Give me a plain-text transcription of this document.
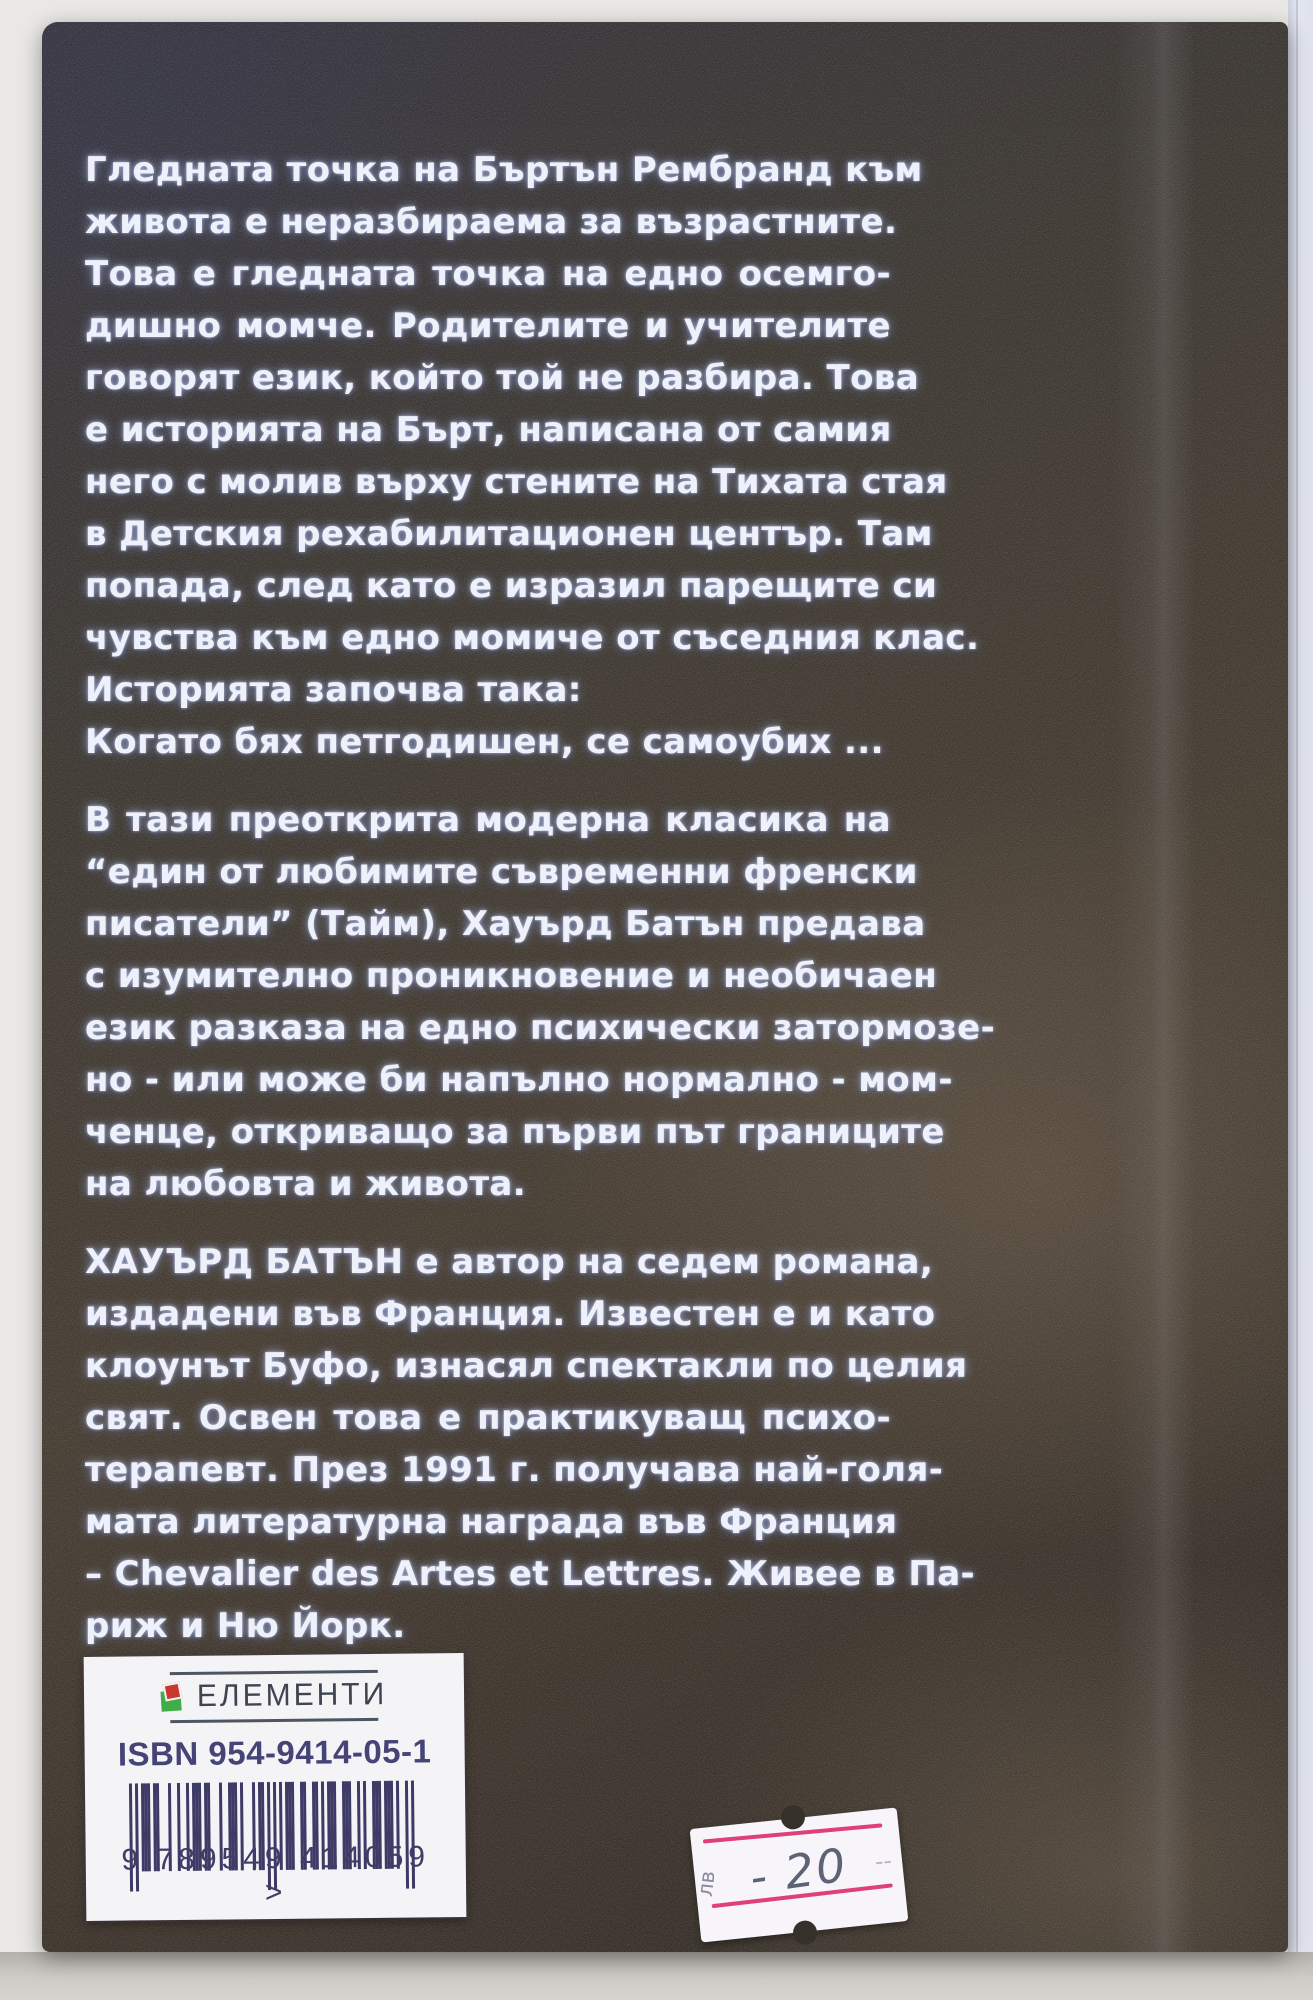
Гледната точка на Бъртън Рембранд към
живота е неразбираема за възрастните.
Това е гледната точка на едно осемго-
дишно момче. Родителите и учителите
говорят език, който той не разбира. Това
е историята на Бърт, написана от самия
него с молив върху стените на Тихата стая
в Детския рехабилитационен център. Там
попада, след като е изразил парещите си
чувства към едно момиче от съседния клас.
Историята започва така:
Когато бях петгодишен, се самоубих ...
В тази преоткрита модерна класика на
“един от любимите съвременни френски
писатели” (Тайм), Хауърд Батън предава
с изумително проникновение и необичаен
език разказа на едно психически затормозе-
но - или може би напълно нормално - мом-
ченце, откриващо за първи път границите
на любовта и живота.
ХАУЪРД БАТЪН е автор на седем романа,
издадени във Франция. Известен е и като
клоунът Буфо, изнасял спектакли по целия
свят. Освен това е практикуващ психо-
терапевт. През 1991 г. получава най-голя-
мата литературна награда във Франция
– Chevalier des Artes et Lettres. Живее в Па-
риж и Ню Йорк.
ЕЛЕМЕНТИ
ISBN 954-9414-05-1
9 789549 414059 >	лв - 20 --
